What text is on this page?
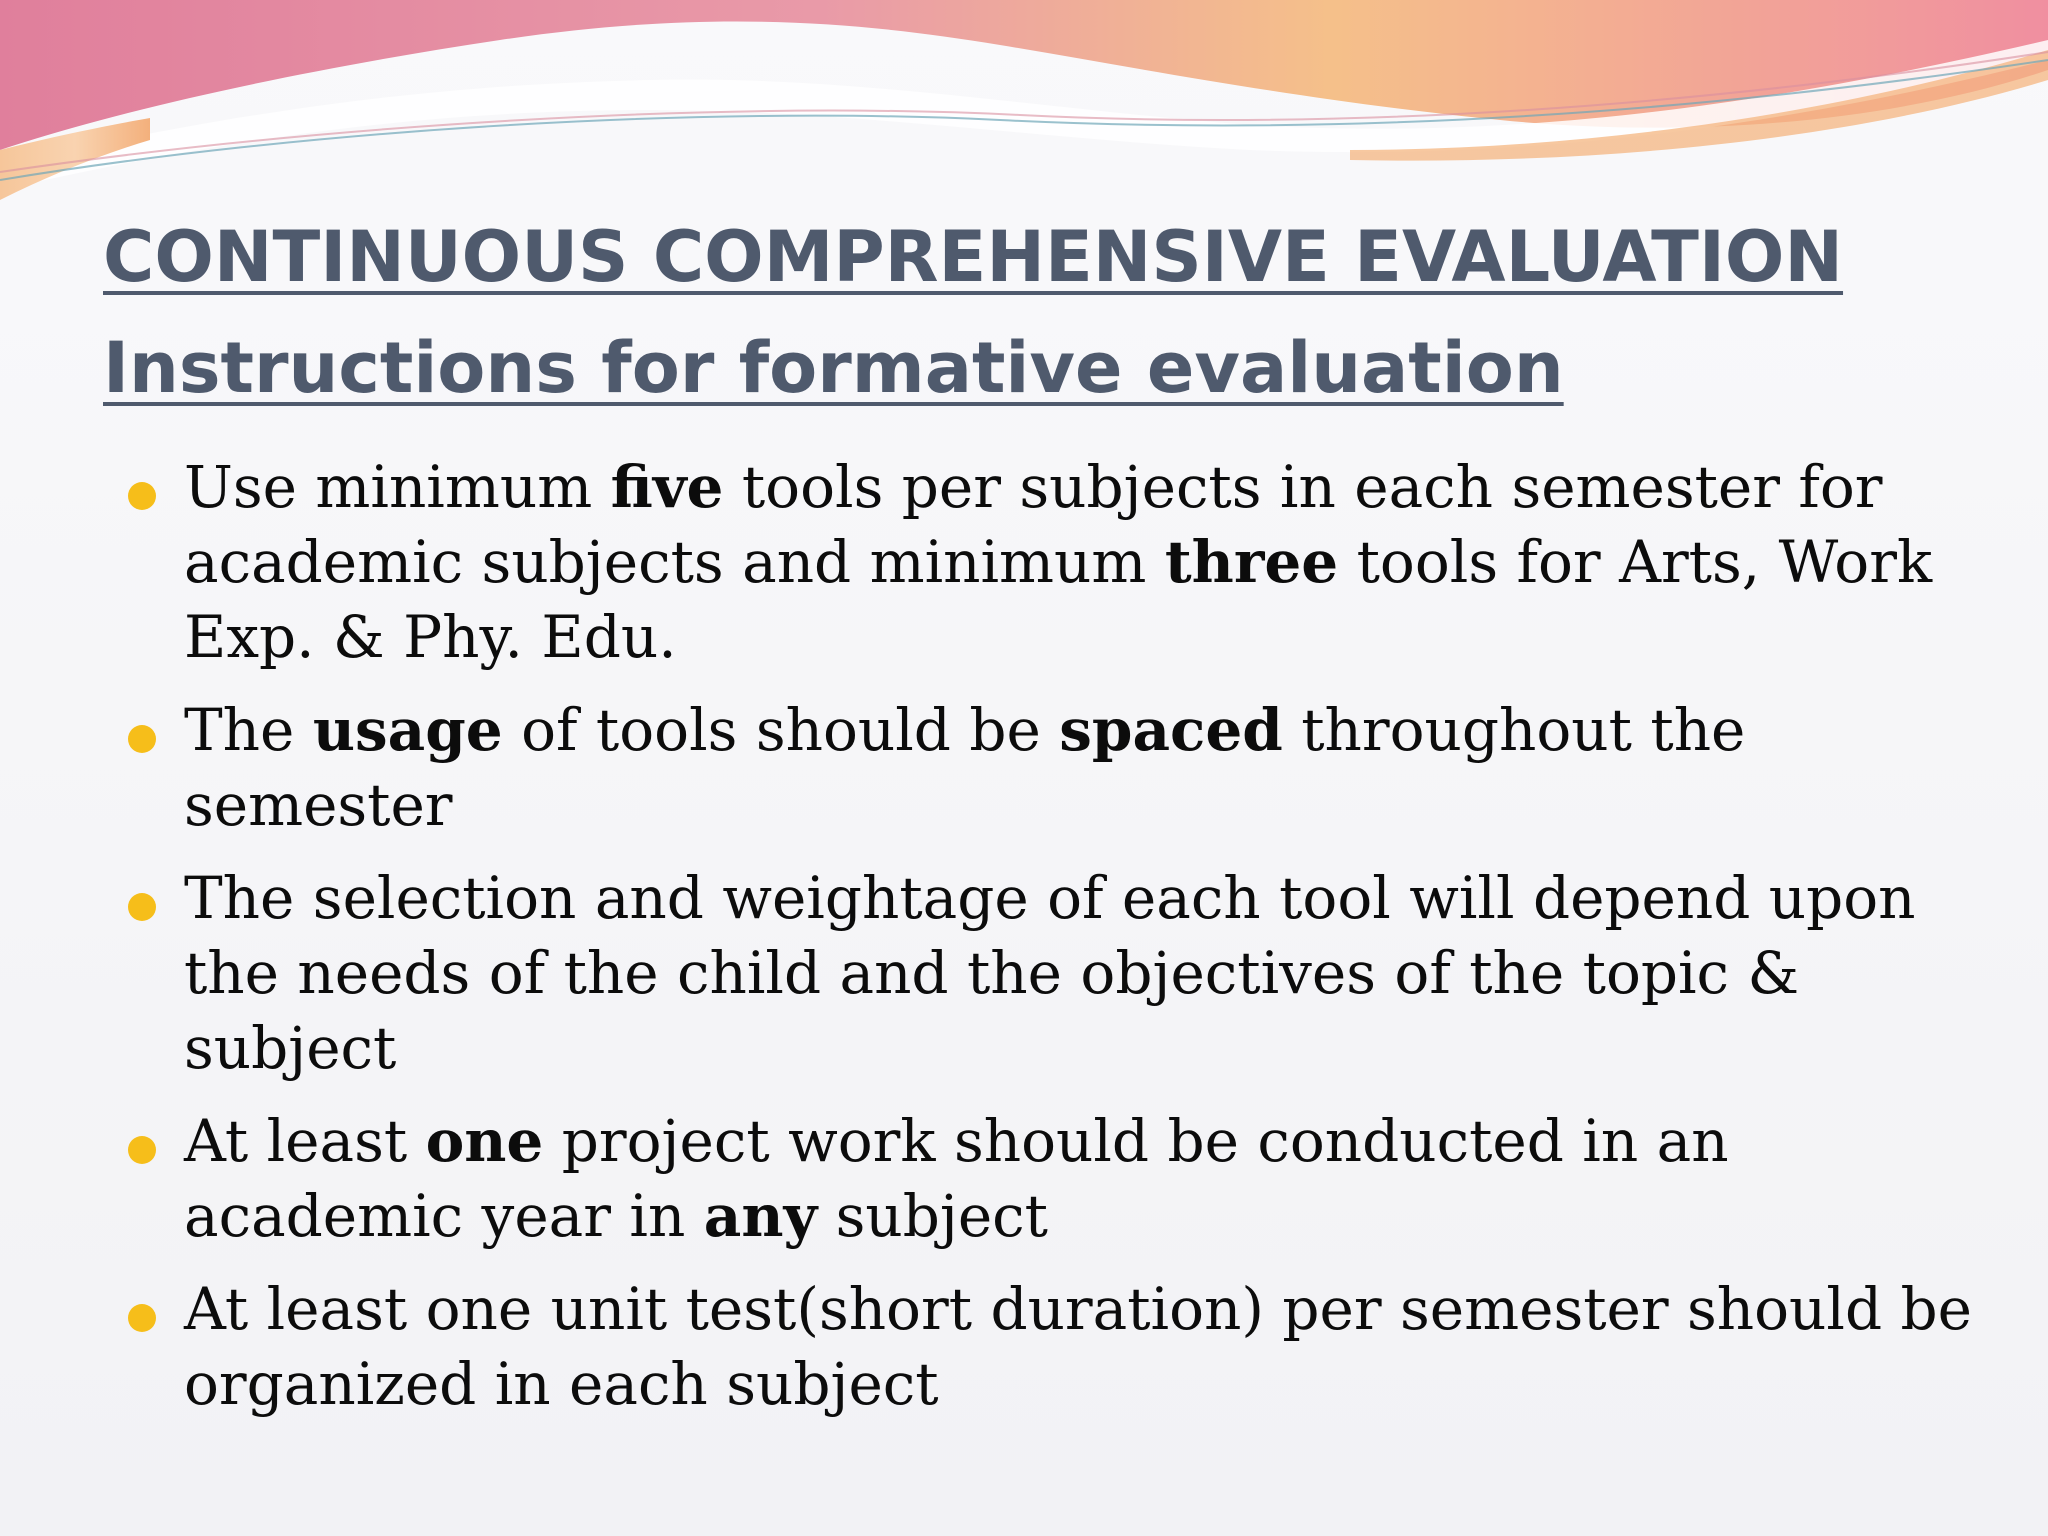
CONTINUOUS COMPREHENSIVE EVALUATION
Instructions for formative evaluation
Use minimum five tools per subjects in each semester for academic subjects and minimum three tools for Arts, Work Exp. & Phy. Edu.
The usage of tools should be spaced throughout the semester
The selection and weightage of each tool will depend upon the needs of the child and the objectives of the topic & subject
At least one project work should be conducted in an academic year in any subject
At least one unit test(short duration) per semester should be organized in each subject
